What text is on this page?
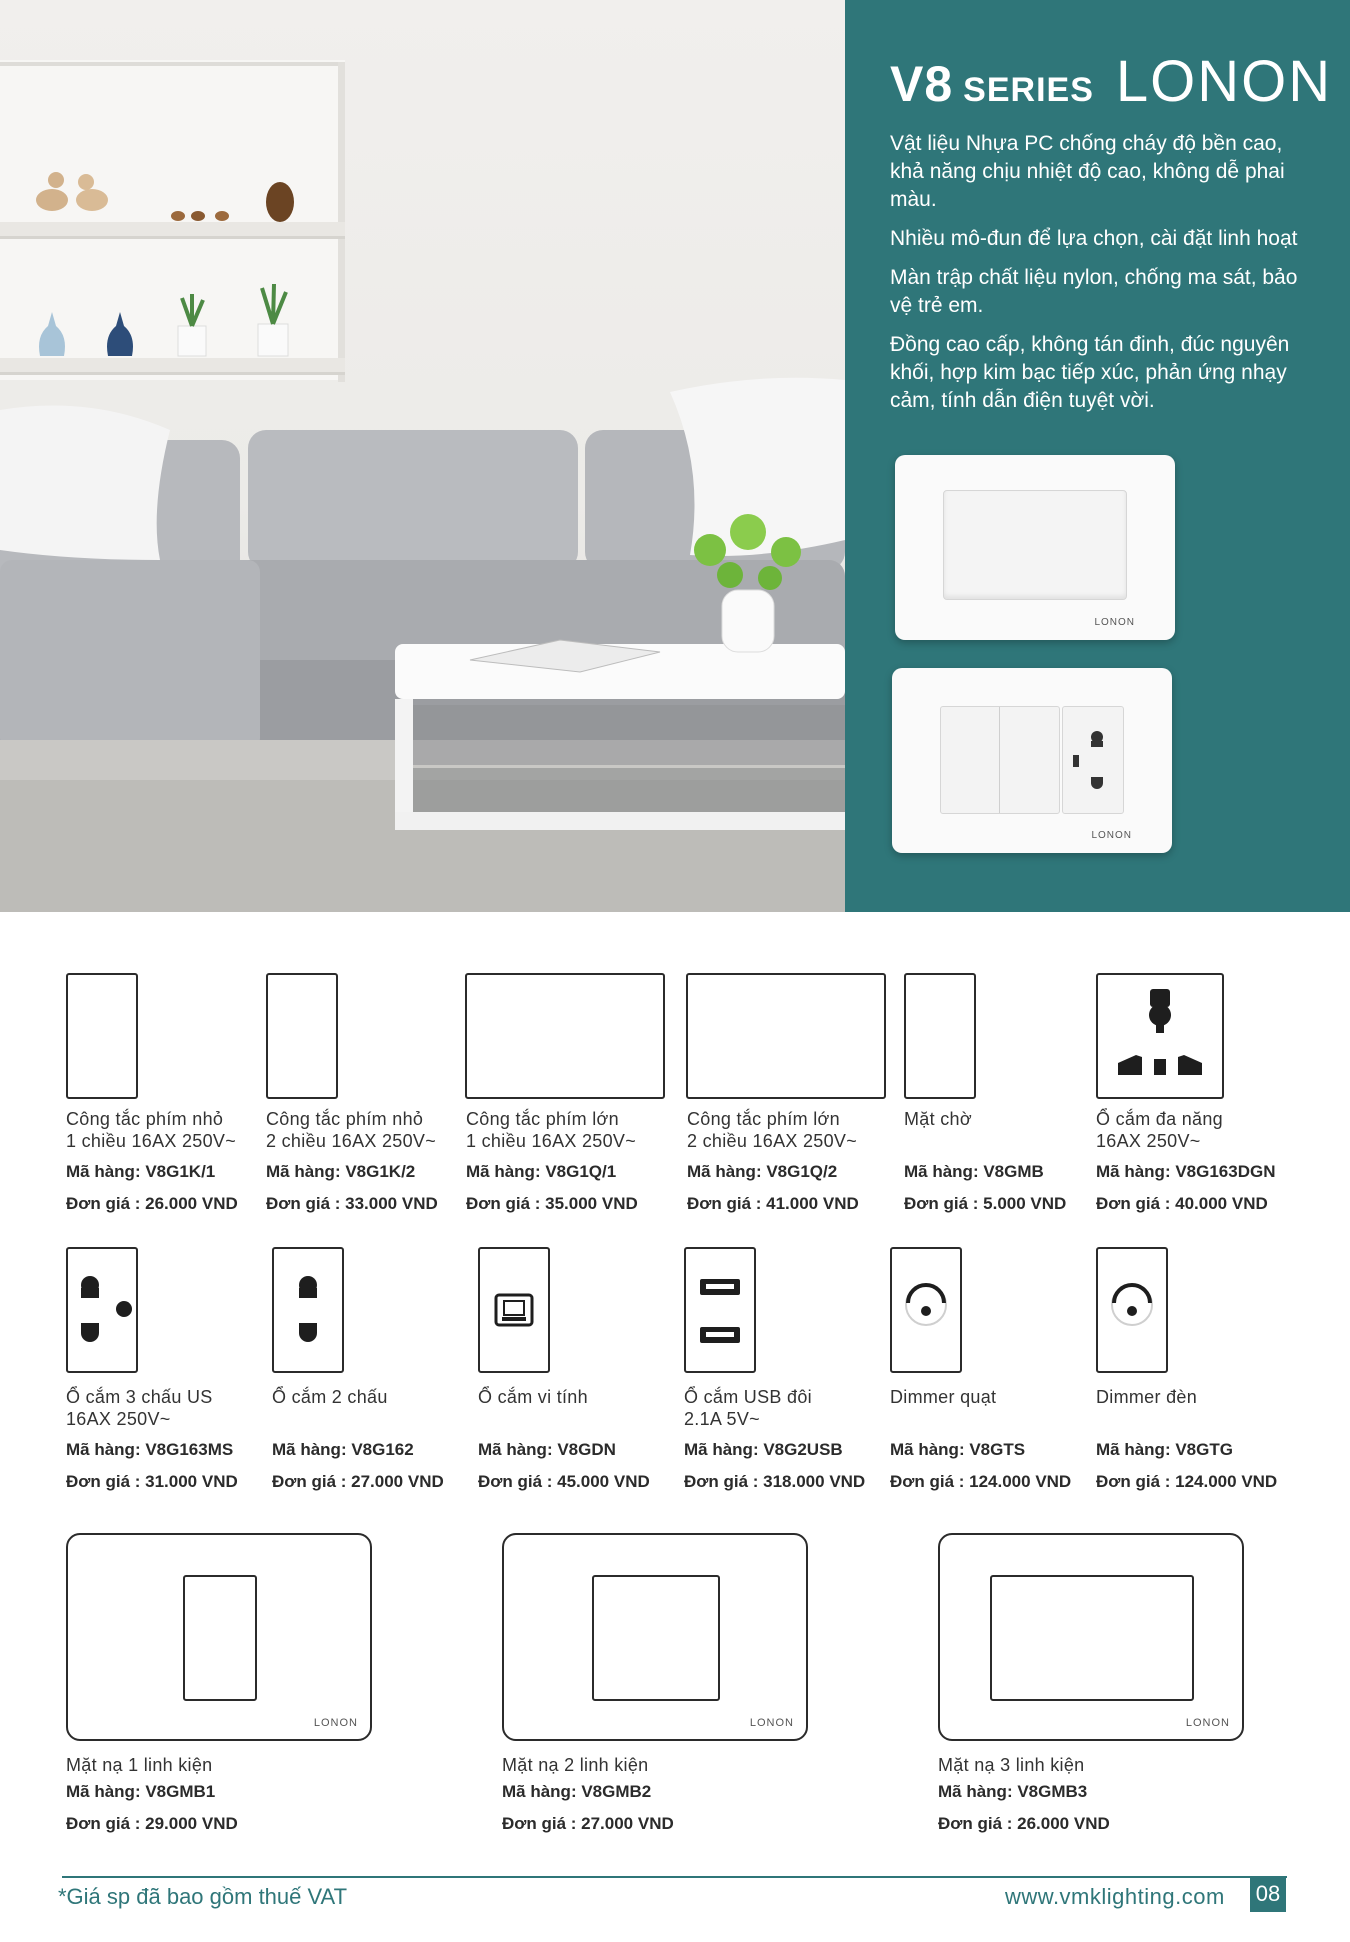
V8 SERIES LONON

Vật liệu Nhựa PC chống cháy độ bền cao, khả năng chịu nhiệt độ cao, không dễ phai màu.

Nhiều mô-đun để lựa chọn, cài đặt linh hoạt

Màn trập chất liệu nylon, chống ma sát, bảo vệ trẻ em.

Đồng cao cấp, không tán đinh, đúc nguyên khối, hợp kim bạc tiếp xúc, phản ứng nhạy cảm, tính dẫn điện tuyệt vời.

LONON
LONON
Công tắc phím nhỏ
1 chiều 16AX 250V~
Mã hàng: V8G1K/1
Đơn giá : 26.000 VND
Công tắc phím nhỏ
2 chiều 16AX 250V~
Mã hàng: V8G1K/2
Đơn giá : 33.000 VND
Công tắc phím lớn
1 chiều 16AX 250V~
Mã hàng: V8G1Q/1
Đơn giá : 35.000 VND
Công tắc phím lớn
2 chiều 16AX 250V~
Mã hàng: V8G1Q/2
Đơn giá : 41.000 VND
Mặt chờ
Mã hàng: V8GMB
Đơn giá : 5.000 VND
Ổ cắm đa năng
16AX 250V~
Mã hàng: V8G163DGN
Đơn giá : 40.000 VND
Ổ cắm 3 chấu US
16AX 250V~
Mã hàng: V8G163MS
Đơn giá : 31.000 VND
Ổ cắm 2 chấu
Mã hàng: V8G162
Đơn giá : 27.000 VND
Ổ cắm vi tính
Mã hàng: V8GDN
Đơn giá : 45.000 VND
Ổ cắm USB đôi
2.1A 5V~
Mã hàng: V8G2USB
Đơn giá : 318.000 VND
Dimmer quạt
Mã hàng: V8GTS
Đơn giá : 124.000 VND
Dimmer đèn
Mã hàng: V8GTG
Đơn giá : 124.000 VND
LONON
Mặt nạ 1 linh kiện
Mã hàng: V8GMB1
Đơn giá : 29.000 VND
LONON
Mặt nạ 2 linh kiện
Mã hàng: V8GMB2
Đơn giá : 27.000 VND
LONON
Mặt nạ 3 linh kiện
Mã hàng: V8GMB3
Đơn giá : 26.000 VND
*Giá sp đã bao gồm thuế VAT	www.vmklighting.com 08
